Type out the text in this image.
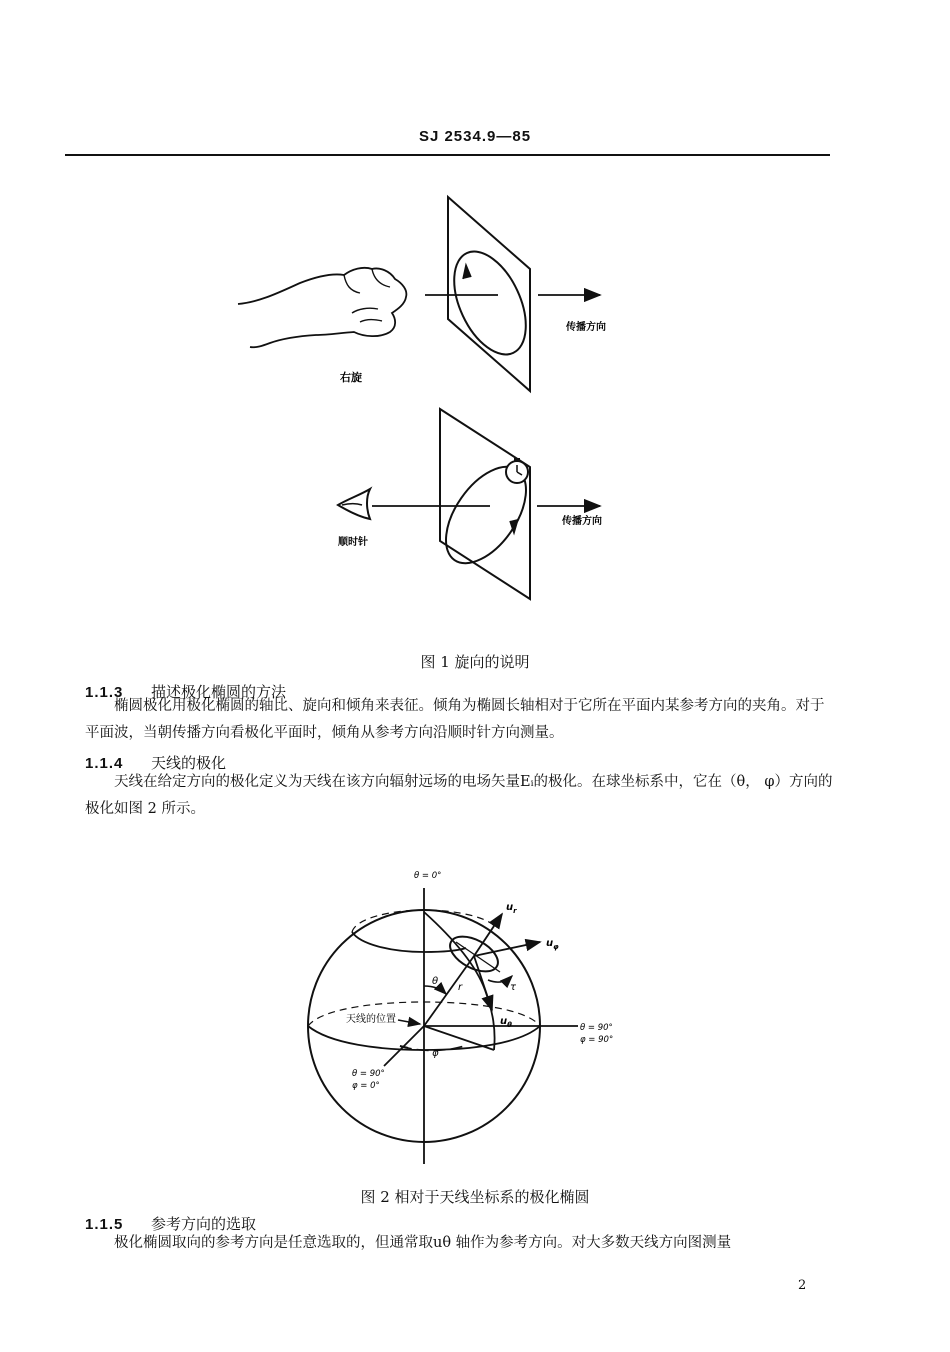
SJ 2534.9—85
右旋
传播方向
顺时针
传播方向
图 1 旋向的说明
1.1.3 描述极化椭圆的方法
椭圆极化用极化椭圆的轴比、旋向和倾角来表征。倾角为椭圆长轴相对于它所在平面内某参考方向的夹角。对于平面波，当朝传播方向看极化平面时，倾角从参考方向沿顺时针方向测量。
1.1.4 天线的极化
天线在给定方向的极化定义为天线在该方向辐射远场的电场矢量Eᵢ的极化。在球坐标系中，它在（θ， φ）方向的极化如图 2 所示。
θ = 0°
$u_r$
$u_\varphi$
$u_\theta$
τ
θ
r
φ
天线的位置
θ = 90°
φ = 90°
θ = 90°
φ = 0°
图 2 相对于天线坐标系的极化椭圆
1.1.5 参考方向的选取
极化椭圆取向的参考方向是任意选取的，但通常取uθ 轴作为参考方向。对大多数天线方向图测量
2
